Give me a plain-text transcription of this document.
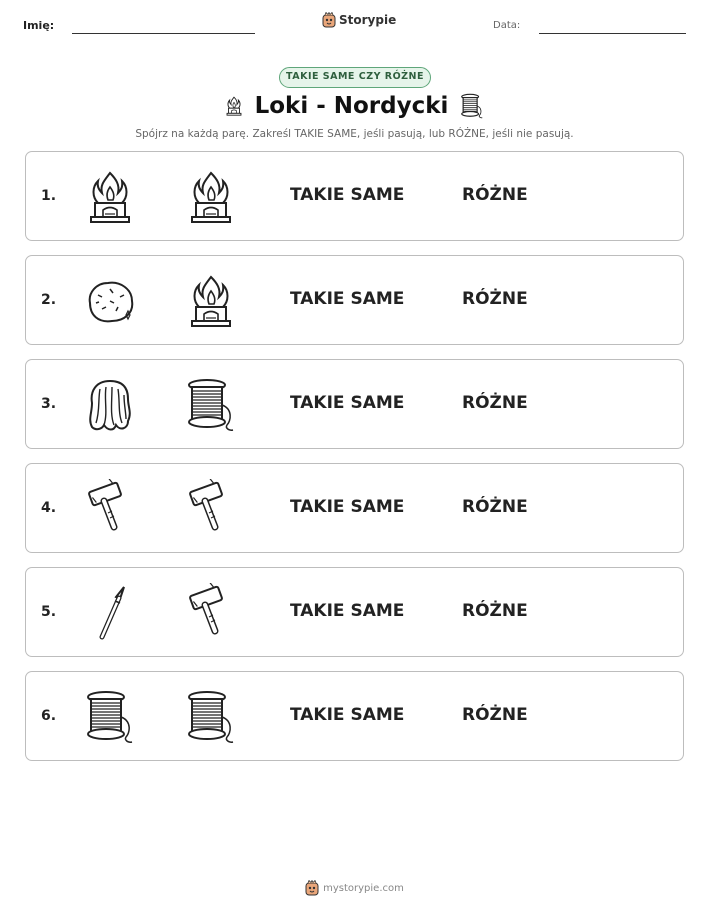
Imię:	Storypie	Data:
TAKIE SAME CZY RÓŻNE
Loki - Nordycki
Spójrz na każdą parę. Zakreśl TAKIE SAME, jeśli pasują, lub RÓŻNE, jeśli nie pasują.
1.	TAKIE SAME	RÓŻNE
2.	TAKIE SAME	RÓŻNE
3.	TAKIE SAME	RÓŻNE
4.	TAKIE SAME	RÓŻNE
5.	TAKIE SAME	RÓŻNE
6.	TAKIE SAME	RÓŻNE
mystorypie.com
